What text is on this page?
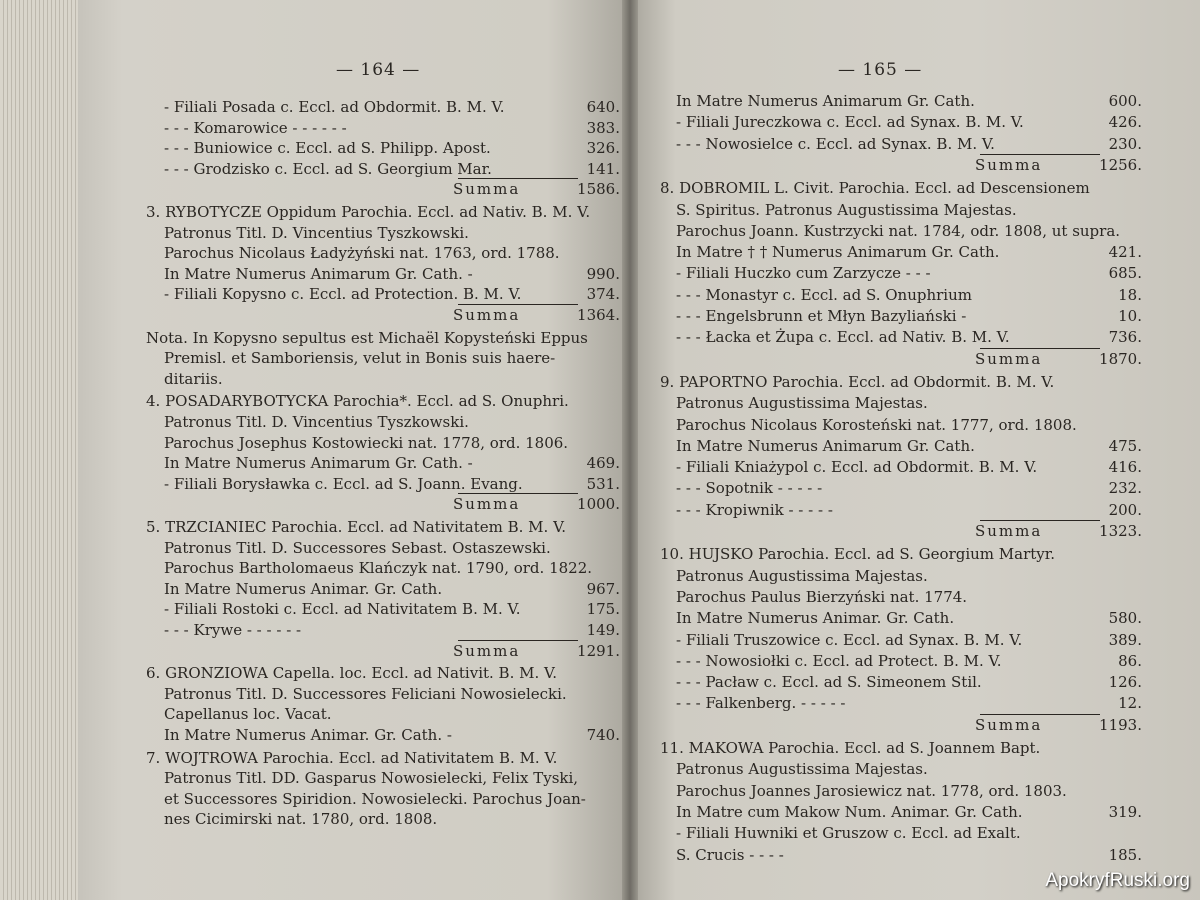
— 164 —
- Filiali Posada c. Eccl. ad Obdormit. B. M. V.	640.
- - - Komarowice - - - - - -	383.
- - - Buniowice c. Eccl. ad S. Philipp. Apost.	326.
- - - Grodzisko c. Eccl. ad S. Georgium Mar.	141.
Summa	1586.
3. RYBOTYCZE Oppidum Parochia. Eccl. ad Nativ. B. M. V.
Patronus Titl. D. Vincentius Tyszkowski.
Parochus Nicolaus Ładyżyński nat. 1763, ord. 1788.
In Matre Numerus Animarum Gr. Cath. -	990.
- Filiali Kopysno c. Eccl. ad Protection. B. M. V.	374.
Summa	1364.
Nota. In Kopysno sepultus est Michaël Kopysteński Eppus
Premisl. et Samboriensis, velut in Bonis suis haere-
ditariis.
4. POSADARYBOTYCKA Parochia*. Eccl. ad S. Onuphri.
Patronus Titl. D. Vincentius Tyszkowski.
Parochus Josephus Kostowiecki nat. 1778, ord. 1806.
In Matre Numerus Animarum Gr. Cath. -	469.
- Filiali Borysławka c. Eccl. ad S. Joann. Evang.	531.
Summa	1000.
5. TRZCIANIEC Parochia. Eccl. ad Nativitatem B. M. V.
Patronus Titl. D. Successores Sebast. Ostaszewski.
Parochus Bartholomaeus Klańczyk nat. 1790, ord. 1822.
In Matre Numerus Animar. Gr. Cath.	967.
- Filiali Rostoki c. Eccl. ad Nativitatem B. M. V.	175.
- - - Krywe - - - - - -	149.
Summa	1291.
6. GRONZIOWA Capella. loc. Eccl. ad Nativit. B. M. V.
Patronus Titl. D. Successores Feliciani Nowosielecki.
Capellanus loc. Vacat.
In Matre Numerus Animar. Gr. Cath. -	740.
7. WOJTROWA Parochia. Eccl. ad Nativitatem B. M. V.
Patronus Titl. DD. Gasparus Nowosielecki, Felix Tyski,
et Successores Spiridion. Nowosielecki. Parochus Joan-
nes Cicimirski nat. 1780, ord. 1808.
— 165 —
In Matre Numerus Animarum Gr. Cath.	600.
- Filiali Jureczkowa c. Eccl. ad Synax. B. M. V.	426.
- - - Nowosielce c. Eccl. ad Synax. B. M. V.	230.
Summa	1256.
8. DOBROMIL L. Civit. Parochia. Eccl. ad Descensionem
S. Spiritus. Patronus Augustissima Majestas.
Parochus Joann. Kustrzycki nat. 1784, odr. 1808, ut supra.
In Matre † † Numerus Animarum Gr. Cath.	421.
- Filiali Huczko cum Zarzycze - - -	685.
- - - Monastyr c. Eccl. ad S. Onuphrium	18.
- - - Engelsbrunn et Młyn Bazyliański -	10.
- - - Łacka et Żupa c. Eccl. ad Nativ. B. M. V.	736.
Summa	1870.
9. PAPORTNO Parochia. Eccl. ad Obdormit. B. M. V.
Patronus Augustissima Majestas.
Parochus Nicolaus Korosteński nat. 1777, ord. 1808.
In Matre Numerus Animarum Gr. Cath.	475.
- Filiali Kniażypol c. Eccl. ad Obdormit. B. M. V.	416.
- - - Sopotnik - - - - -	232.
- - - Kropiwnik - - - - -	200.
Summa	1323.
10. HUJSKO Parochia. Eccl. ad S. Georgium Martyr.
Patronus Augustissima Majestas.
Parochus Paulus Bierzyński nat. 1774.
In Matre Numerus Animar. Gr. Cath.	580.
- Filiali Truszowice c. Eccl. ad Synax. B. M. V.	389.
- - - Nowosiołki c. Eccl. ad Protect. B. M. V.	86.
- - - Pacław c. Eccl. ad S. Simeonem Stil.	126.
- - - Falkenberg. - - - - -	12.
Summa	1193.
11. MAKOWA Parochia. Eccl. ad S. Joannem Bapt.
Patronus Augustissima Majestas.
Parochus Joannes Jarosiewicz nat. 1778, ord. 1803.
In Matre cum Makow Num. Animar. Gr. Cath.	319.
- Filiali Huwniki et Gruszow c. Eccl. ad Exalt.
S. Crucis - - - -	185.
ApokryfRuski.org
